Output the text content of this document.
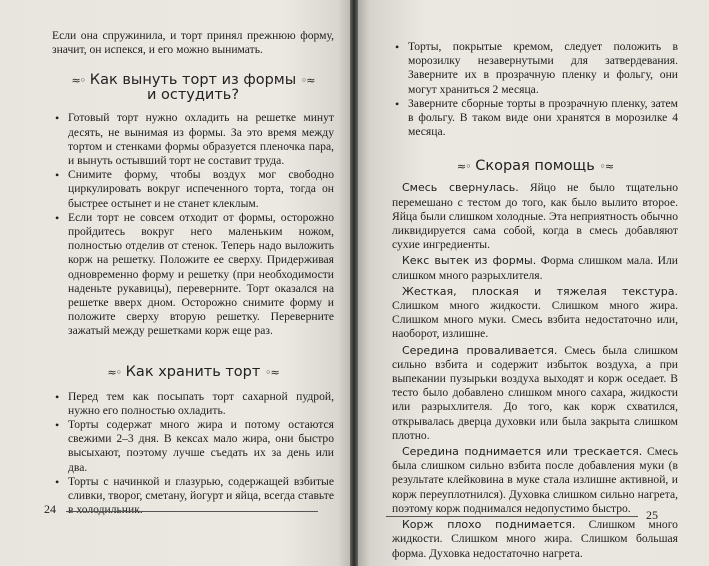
Если она спружинила, и торт принял прежнюю форму, значит, он испекся, и его можно вынимать.

≈◦ Как вынуть торт из формы ◦≈
и остудить?
• Готовый торт нужно охладить на решетке минут десять, не вынимая из формы. За это время между тортом и стенками формы образуется пленочка пара, и вынуть остывший торт не составит труда.
• Снимите форму, чтобы воздух мог свободно циркулировать вокруг испеченного торта, тогда он быстрее остынет и не станет клеклым.
• Если торт не совсем отходит от формы, осторожно пройдитесь вокруг него маленьким ножом, полностью отделив от стенок. Теперь надо выложить корж на решетку. Положите ее сверху. Придерживая одновременно форму и решетку (при необходимости наденьте рукавицы), переверните. Торт оказался на решетке вверх дном. Осторожно снимите форму и положите сверху вторую решетку. Переверните зажатый между решетками корж еще раз.
≈◦ Как хранить торт ◦≈
• Перед тем как посыпать торт сахарной пудрой, нужно его полностью охладить.
• Торты содержат много жира и потому остаются свежими 2–3 дня. В кексах мало жира, они быстро высыхают, поэтому лучше съедать их за день или два.
• Торты с начинкой и глазурью, содержащей взбитые сливки, творог, сметану, йогурт и яйца, всегда ставьте в холодильник.
24
• Торты, покрытые кремом, следует положить в морозилку незавернутыми для затвердевания. Заверните их в прозрачную пленку и фольгу, они могут храниться 2 месяца.
• Заверните сборные торты в прозрачную пленку, затем в фольгу. В таком виде они хранятся в морозилке 4 месяца.
≈◦ Скорая помощь ◦≈

Смесь свернулась. Яйцо не было тщательно перемешано с тестом до того, как было вылито второе. Яйца были слишком холодные. Эта неприятность обычно ликвидируется сама собой, когда в смесь добавляют сухие ингредиенты.

Кекс вытек из формы. Форма слишком мала. Или слишком много разрыхлителя.

Жесткая, плоская и тяжелая текстура. Слишком много жидкости. Слишком много жира. Слишком много муки. Смесь взбита недостаточно или, наоборот, излишне.

Середина проваливается. Смесь была слишком сильно взбита и содержит избыток воздуха, а при выпекании пузырьки воздуха выходят и корж оседает. В тесто было добавлено слишком много сахара, жидкости или разрыхлителя. До того, как корж схватился, открывалась дверца духовки или была закрыта слишком плотно.

Середина поднимается или трескается. Смесь была слишком сильно взбита после добавления муки (в результате клейковина в муке стала излишне активной, и корж переуплотнился). Духовка слишком сильно нагрета, поэтому корж поднимался недопустимо быстро.

Корж плохо поднимается. Слишком много жидкости. Слишком много жира. Слишком большая форма. Духовка недостаточно нагрета.

25
